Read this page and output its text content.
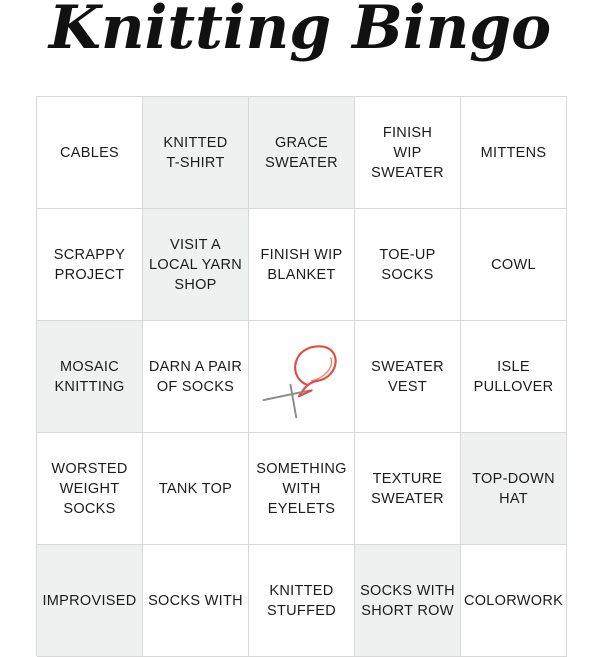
Knitting Bingo
CABLES
KNITTED
T-SHIRT
GRACE
SWEATER
FINISH
WIP
SWEATER
MITTENS
SCRAPPY
PROJECT
VISIT A
LOCAL YARN
SHOP
FINISH WIP
BLANKET
TOE-UP
SOCKS
COWL
MOSAIC
KNITTING
DARN A PAIR
OF SOCKS
SWEATER
VEST
ISLE
PULLOVER
WORSTED
WEIGHT
SOCKS
TANK TOP
SOMETHING
WITH
EYELETS
TEXTURE
SWEATER
TOP-DOWN
HAT
IMPROVISED SOCKS WITH
KNITTED
STUFFED
SOCKS WITH
SHORT ROW
COLORWORK
